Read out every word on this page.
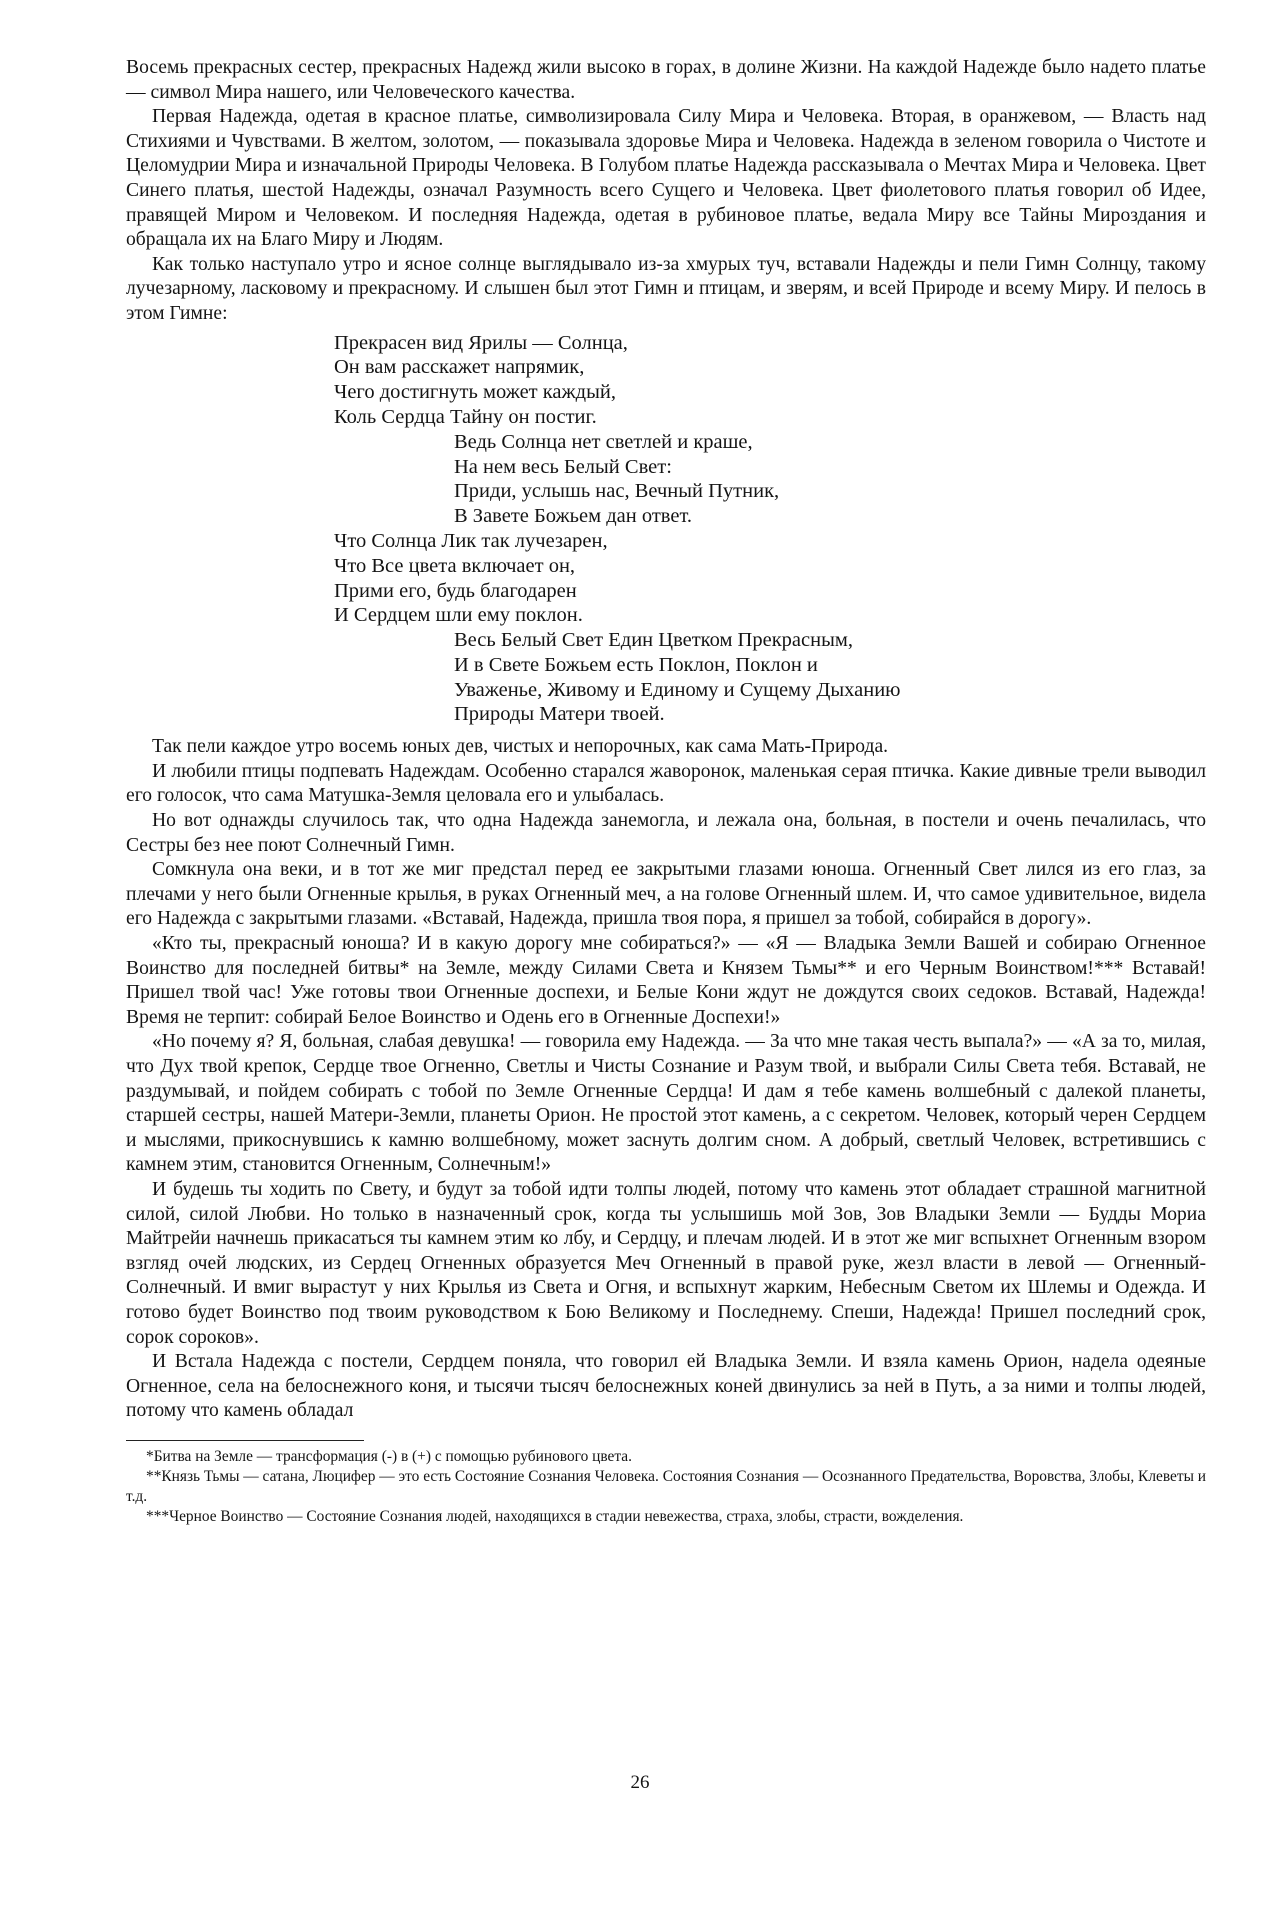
Восемь прекрасных сестер, прекрасных Надежд жили высоко в горах, в долине Жизни. На каждой Надежде было надето платье — символ Мира нашего, или Человеческого качества.

Первая Надежда, одетая в красное платье, символизировала Силу Мира и Человека. Вторая, в оранжевом, — Власть над Стихиями и Чувствами. В желтом, золотом, — показывала здоровье Мира и Человека. Надежда в зеленом говорила о Чистоте и Целомудрии Мира и изначальной Природы Человека. В Голубом платье Надежда рассказывала о Мечтах Мира и Человека. Цвет Синего платья, шестой Надежды, означал Разумность всего Сущего и Человека. Цвет фиолетового платья говорил об Идее, правящей Миром и Человеком. И последняя Надежда, одетая в рубиновое платье, ведала Миру все Тайны Мироздания и обращала их на Благо Миру и Людям.

Как только наступало утро и ясное солнце выглядывало из-за хмурых туч, вставали Надежды и пели Гимн Солнцу, такому лучезарному, ласковому и прекрасному. И слышен был этот Гимн и птицам, и зверям, и всей Природе и всему Миру. И пелось в этом Гимне:

Прекрасен вид Ярилы — Солнца,
Он вам расскажет напрямик,
Чего достигнуть может каждый,
Коль Сердца Тайну он постиг.
Ведь Солнца нет светлей и краше,
На нем весь Белый Свет:
Приди, услышь нас, Вечный Путник,
В Завете Божьем дан ответ.
Что Солнца Лик так лучезарен,
Что Все цвета включает он,
Прими его, будь благодарен
И Сердцем шли ему поклон.
Весь Белый Свет Един Цветком Прекрасным,
И в Свете Божьем есть Поклон, Поклон и
Уваженье, Живому и Единому и Сущему Дыханию
Природы Матери твоей.

Так пели каждое утро восемь юных дев, чистых и непорочных, как сама Мать-Природа.

И любили птицы подпевать Надеждам. Особенно старался жаворонок, маленькая серая птичка. Какие дивные трели выводил его голосок, что сама Матушка-Земля целовала его и улыбалась.

Но вот однажды случилось так, что одна Надежда занемогла, и лежала она, больная, в постели и очень печалилась, что Сестры без нее поют Солнечный Гимн.

Сомкнула она веки, и в тот же миг предстал перед ее закрытыми глазами юноша. Огненный Свет лился из его глаз, за плечами у него были Огненные крылья, в руках Огненный меч, а на голове Огненный шлем. И, что самое удивительное, видела его Надежда с закрытыми глазами. «Вставай, Надежда, пришла твоя пора, я пришел за тобой, собирайся в дорогу».

«Кто ты, прекрасный юноша? И в какую дорогу мне собираться?» — «Я — Владыка Земли Вашей и собираю Огненное Воинство для последней битвы* на Земле, между Силами Света и Князем Тьмы** и его Черным Воинством!*** Вставай! Пришел твой час! Уже готовы твои Огненные доспехи, и Белые Кони ждут не дождутся своих седоков. Вставай, Надежда! Время не терпит: собирай Белое Воинство и Одень его в Огненные Доспехи!»

«Но почему я? Я, больная, слабая девушка! — говорила ему Надежда. — За что мне такая честь выпала?» — «А за то, милая, что Дух твой крепок, Сердце твое Огненно, Светлы и Чисты Сознание и Разум твой, и выбрали Силы Света тебя. Вставай, не раздумывай, и пойдем собирать с тобой по Земле Огненные Сердца! И дам я тебе камень волшебный с далекой планеты, старшей сестры, нашей Матери-Земли, планеты Орион. Не простой этот камень, а с секретом. Человек, который черен Сердцем и мыслями, прикоснувшись к камню волшебному, может заснуть долгим сном. А добрый, светлый Человек, встретившись с камнем этим, становится Огненным, Солнечным!»

И будешь ты ходить по Свету, и будут за тобой идти толпы людей, потому что камень этот обладает страшной магнитной силой, силой Любви. Но только в назначенный срок, когда ты услышишь мой Зов, Зов Владыки Земли — Будды Мориа Майтрейи начнешь прикасаться ты камнем этим ко лбу, и Сердцу, и плечам людей. И в этот же миг вспыхнет Огненным взором взгляд очей людских, из Сердец Огненных образуется Меч Огненный в правой руке, жезл власти в левой — Огненный-Солнечный. И вмиг вырастут у них Крылья из Света и Огня, и вспыхнут жарким, Небесным Светом их Шлемы и Одежда. И готово будет Воинство под твоим руководством к Бою Великому и Последнему. Спеши, Надежда! Пришел последний срок, сорок сороков».

И Встала Надежда с постели, Сердцем поняла, что говорил ей Владыка Земли. И взяла камень Орион, надела одеяные Огненное, села на белоснежного коня, и тысячи тысяч белоснежных коней двинулись за ней в Путь, а за ними и толпы людей, потому что камень обладал

*Битва на Земле — трансформация (-) в (+) с помощью рубинового цвета.

**Князь Тьмы — сатана, Люцифер — это есть Состояние Сознания Человека. Состояния Сознания — Осознанного Предательства, Воровства, Злобы, Клеветы и т.д.

***Черное Воинство — Состояние Сознания людей, находящихся в стадии невежества, страха, злобы, страсти, вожделения.

26
